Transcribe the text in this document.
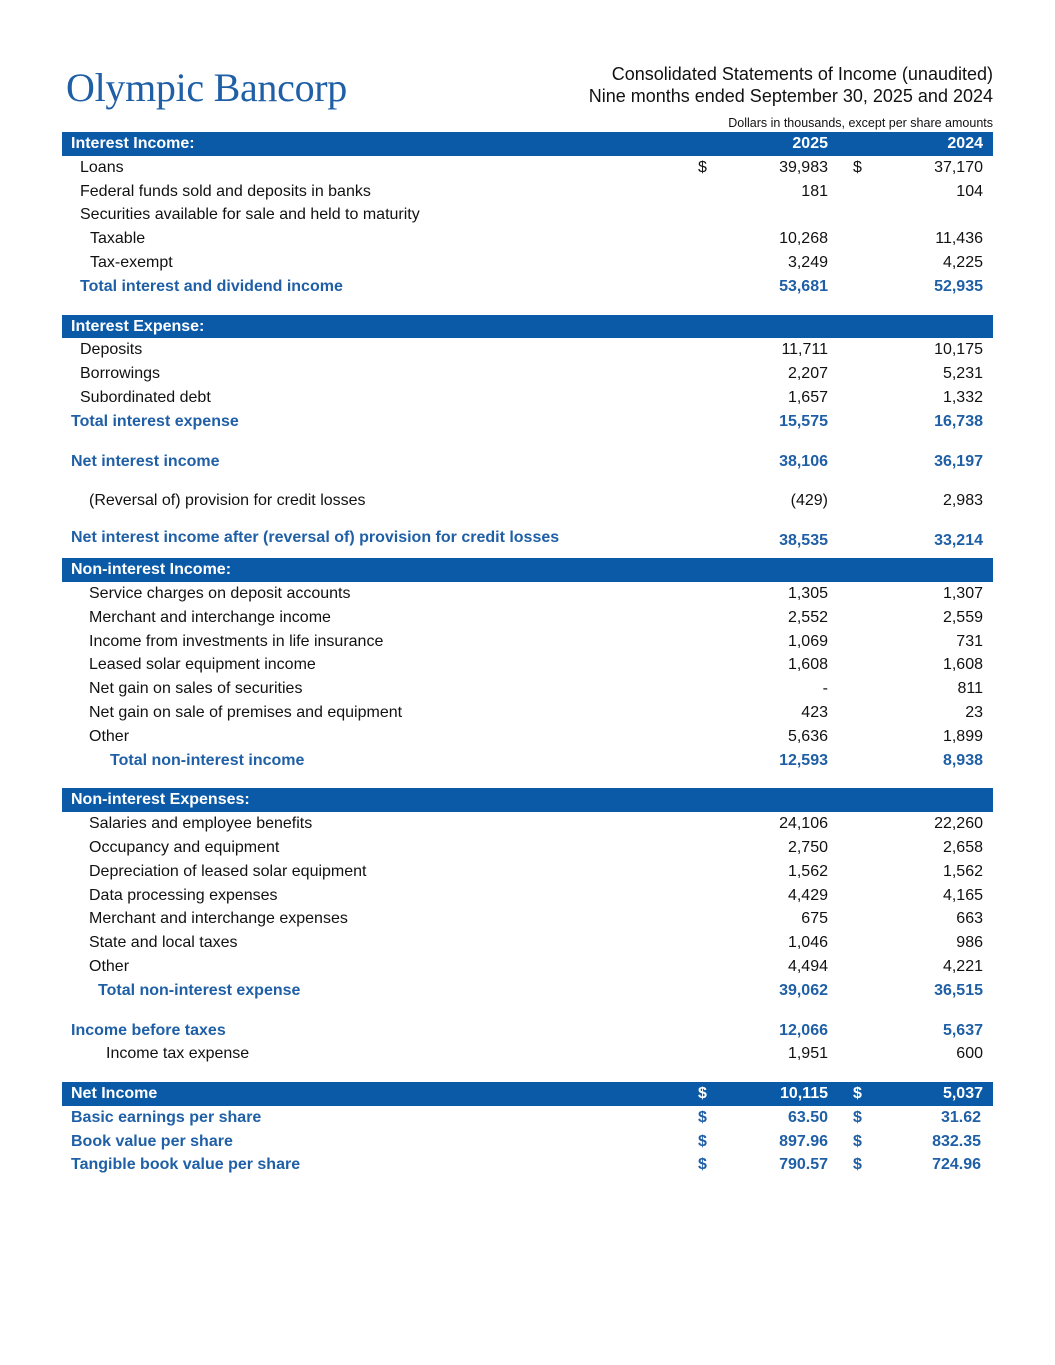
Olympic Bancorp	Consolidated Statements of Income (unaudited)
Nine months ended September 30, 2025 and 2024
Dollars in thousands, except per share amounts
Interest Income:	2025	2024
Loans	$	39,983 $	37,170
Federal funds sold and deposits in banks	181	104
Securities available for sale and held to maturity
Taxable	10,268	11,436
Tax-exempt	3,249	4,225
Total interest and dividend income	53,681	52,935
Interest Expense:
Deposits	11,711	10,175
Borrowings	2,207	5,231
Subordinated debt	1,657	1,332
Total interest expense	15,575	16,738
Net interest income	38,106	36,197
(Reversal of) provision for credit losses	(429)	2,983
Net interest income after (reversal of) provision for credit losses	38,535	33,214
Non-interest Income:
Service charges on deposit accounts	1,305	1,307
Merchant and interchange income	2,552	2,559
Income from investments in life insurance	1,069	731
Leased solar equipment income	1,608	1,608
Net gain on sales of securities	-	811
Net gain on sale of premises and equipment	423	23
Other	5,636	1,899
Total non-interest income	12,593	8,938
Non-interest Expenses:
Salaries and employee benefits	24,106	22,260
Occupancy and equipment	2,750	2,658
Depreciation of leased solar equipment	1,562	1,562
Data processing expenses	4,429	4,165
Merchant and interchange expenses	675	663
State and local taxes	1,046	986
Other	4,494	4,221
Total non-interest expense	39,062	36,515
Income before taxes	12,066	5,637
Income tax expense	1,951	600
Net Income	$	10,115 $	5,037
Basic earnings per share	$	63.50 $	31.62
Book value per share	$	897.96 $	832.35
Tangible book value per share	$	790.57 $	724.96
